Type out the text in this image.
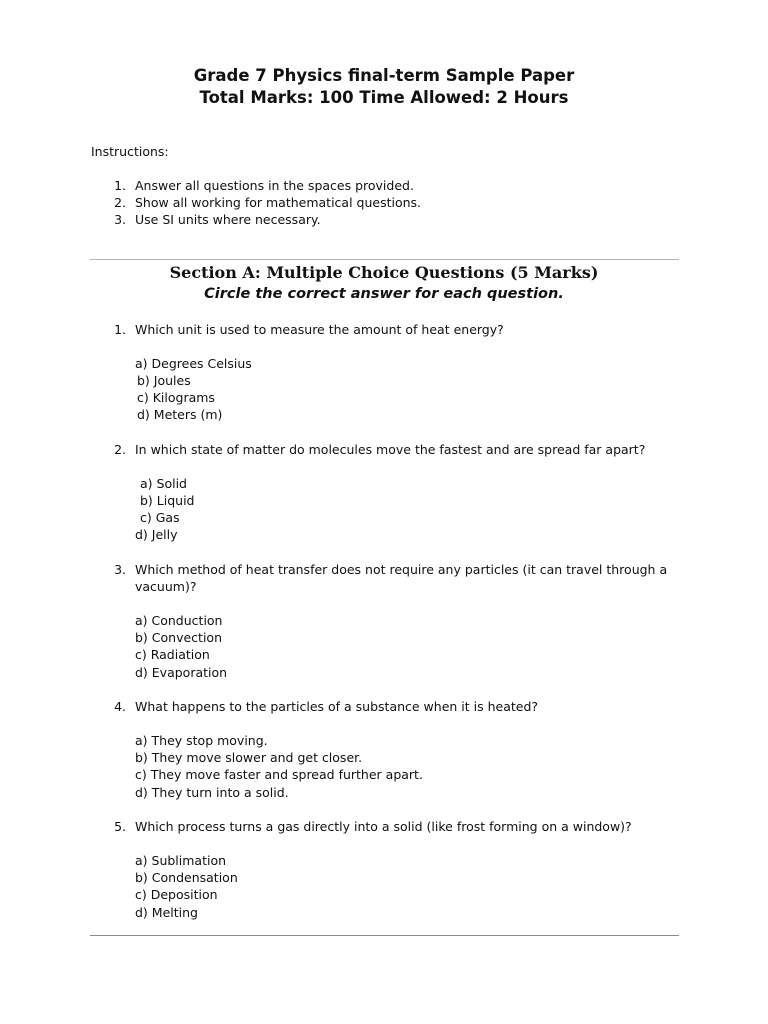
Grade 7 Physics final-term Sample Paper
Total Marks: 100 Time Allowed: 2 Hours
Instructions:
1. Answer all questions in the spaces provided.
2. Show all working for mathematical questions.
3. Use SI units where necessary.
Section A: Multiple Choice Questions (5 Marks)
Circle the correct answer for each question.
1. Which unit is used to measure the amount of heat energy?
a) Degrees Celsius
b) Joules
c) Kilograms
d) Meters (m)
2. In which state of matter do molecules move the fastest and are spread far apart?
a) Solid
b) Liquid
c) Gas
d) Jelly
3. Which method of heat transfer does not require any particles (it can travel through a vacuum)?
a) Conduction
b) Convection
c) Radiation
d) Evaporation
4. What happens to the particles of a substance when it is heated?
a) They stop moving.
b) They move slower and get closer.
c) They move faster and spread further apart.
d) They turn into a solid.
5. Which process turns a gas directly into a solid (like frost forming on a window)?
a) Sublimation
b) Condensation
c) Deposition
d) Melting
